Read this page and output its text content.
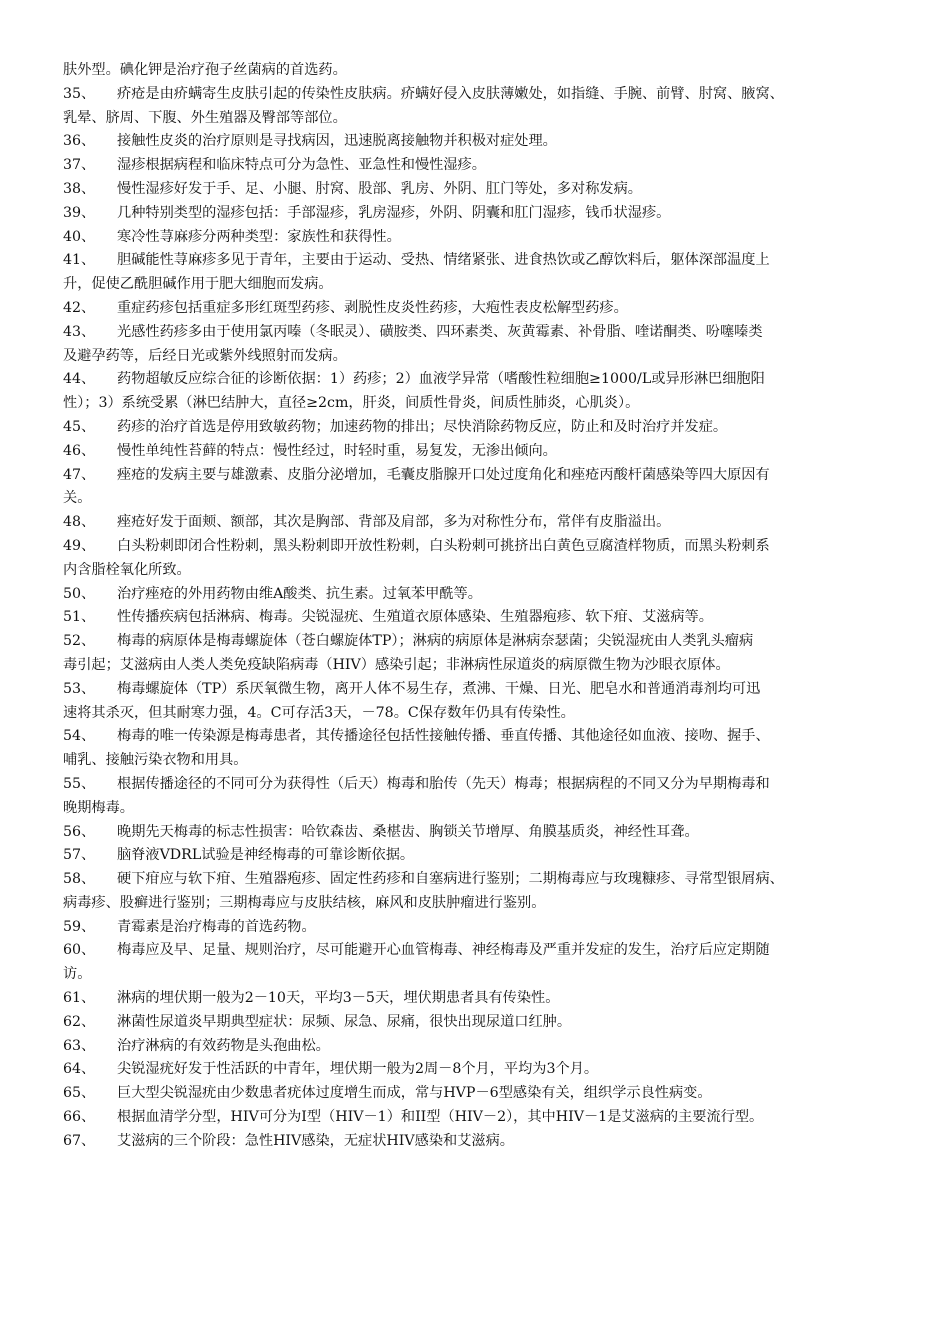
肤外型。碘化钾是治疗孢子丝菌病的首选药。
35、 疥疮是由疥螨寄生皮肤引起的传染性皮肤病。疥螨好侵入皮肤薄嫩处，如指缝、手腕、前臂、肘窝、腋窝、
乳晕、脐周、下腹、外生殖器及臀部等部位。
36、 接触性皮炎的治疗原则是寻找病因，迅速脱离接触物并积极对症处理。
37、 湿疹根据病程和临床特点可分为急性、亚急性和慢性湿疹。
38、 慢性湿疹好发于手、足、小腿、肘窝、股部、乳房、外阴、肛门等处，多对称发病。
39、 几种特别类型的湿疹包括：手部湿疹，乳房湿疹，外阴、阴囊和肛门湿疹，钱币状湿疹。
40、 寒冷性荨麻疹分两种类型：家族性和获得性。
41、 胆碱能性荨麻疹多见于青年，主要由于运动、受热、情绪紧张、进食热饮或乙醇饮料后，躯体深部温度上
升，促使乙酰胆碱作用于肥大细胞而发病。
42、 重症药疹包括重症多形红斑型药疹、剥脱性皮炎性药疹，大疱性表皮松解型药疹。
43、 光感性药疹多由于使用氯丙嗪（冬眠灵）、磺胺类、四环素类、灰黄霉素、补骨脂、喹诺酮类、吩噻嗪类
及避孕药等，后经日光或紫外线照射而发病。
44、 药物超敏反应综合征的诊断依据：1）药疹；2）血液学异常（嗜酸性粒细胞≥1000/L或异形淋巴细胞阳
性）；3）系统受累（淋巴结肿大，直径≥2cm，肝炎，间质性骨炎，间质性肺炎，心肌炎）。
45、 药疹的治疗首选是停用致敏药物；加速药物的排出；尽快消除药物反应，防止和及时治疗并发症。
46、 慢性单纯性苔藓的特点：慢性经过，时轻时重，易复发，无渗出倾向。
47、 痤疮的发病主要与雄激素、皮脂分泌增加，毛囊皮脂腺开口处过度角化和痤疮丙酸杆菌感染等四大原因有
关。
48、 痤疮好发于面颊、额部，其次是胸部、背部及肩部，多为对称性分布，常伴有皮脂溢出。
49、 白头粉刺即闭合性粉刺，黑头粉刺即开放性粉刺，白头粉刺可挑挤出白黄色豆腐渣样物质，而黑头粉刺系
内含脂栓氧化所致。
50、 治疗痤疮的外用药物由维A酸类、抗生素。过氧苯甲酰等。
51、 性传播疾病包括淋病、梅毒。尖锐湿疣、生殖道衣原体感染、生殖器疱疹、软下疳、艾滋病等。
52、 梅毒的病原体是梅毒螺旋体（苍白螺旋体TP）；淋病的病原体是淋病奈瑟菌；尖锐湿疣由人类乳头瘤病
毒引起；艾滋病由人类人类免疫缺陷病毒（HIV）感染引起；非淋病性尿道炎的病原微生物为沙眼衣原体。
53、 梅毒螺旋体（TP）系厌氧微生物，离开人体不易生存，煮沸、干燥、日光、肥皂水和普通消毒剂均可迅
速将其杀灭，但其耐寒力强，4。C可存活3天，－78。C保存数年仍具有传染性。
54、 梅毒的唯一传染源是梅毒患者，其传播途径包括性接触传播、垂直传播、其他途径如血液、接吻、握手、
哺乳、接触污染衣物和用具。
55、 根据传播途径的不同可分为获得性（后天）梅毒和胎传（先天）梅毒；根据病程的不同又分为早期梅毒和
晚期梅毒。
56、 晚期先天梅毒的标志性损害：哈钦森齿、桑椹齿、胸锁关节增厚、角膜基质炎，神经性耳聋。
57、 脑脊液VDRL试验是神经梅毒的可靠诊断依据。
58、 硬下疳应与软下疳、生殖器疱疹、固定性药疹和自塞病进行鉴别；二期梅毒应与玫瑰糠疹、寻常型银屑病、
病毒疹、股癣进行鉴别；三期梅毒应与皮肤结核，麻风和皮肤肿瘤进行鉴别。
59、 青霉素是治疗梅毒的首选药物。
60、 梅毒应及早、足量、规则治疗，尽可能避开心血管梅毒、神经梅毒及严重并发症的发生，治疗后应定期随
访。
61、 淋病的埋伏期一般为2－10天，平均3－5天，埋伏期患者具有传染性。
62、 淋菌性尿道炎早期典型症状：尿频、尿急、尿痛，很快出现尿道口红肿。
63、 治疗淋病的有效药物是头孢曲松。
64、 尖锐湿疣好发于性活跃的中青年，埋伏期一般为2周－8个月，平均为3个月。
65、 巨大型尖锐湿疣由少数患者疣体过度增生而成，常与HVP－6型感染有关，组织学示良性病变。
66、 根据血清学分型，HIV可分为I型（HIV－1）和II型（HIV－2），其中HIV－1是艾滋病的主要流行型。
67、 艾滋病的三个阶段：急性HIV感染，无症状HIV感染和艾滋病。
